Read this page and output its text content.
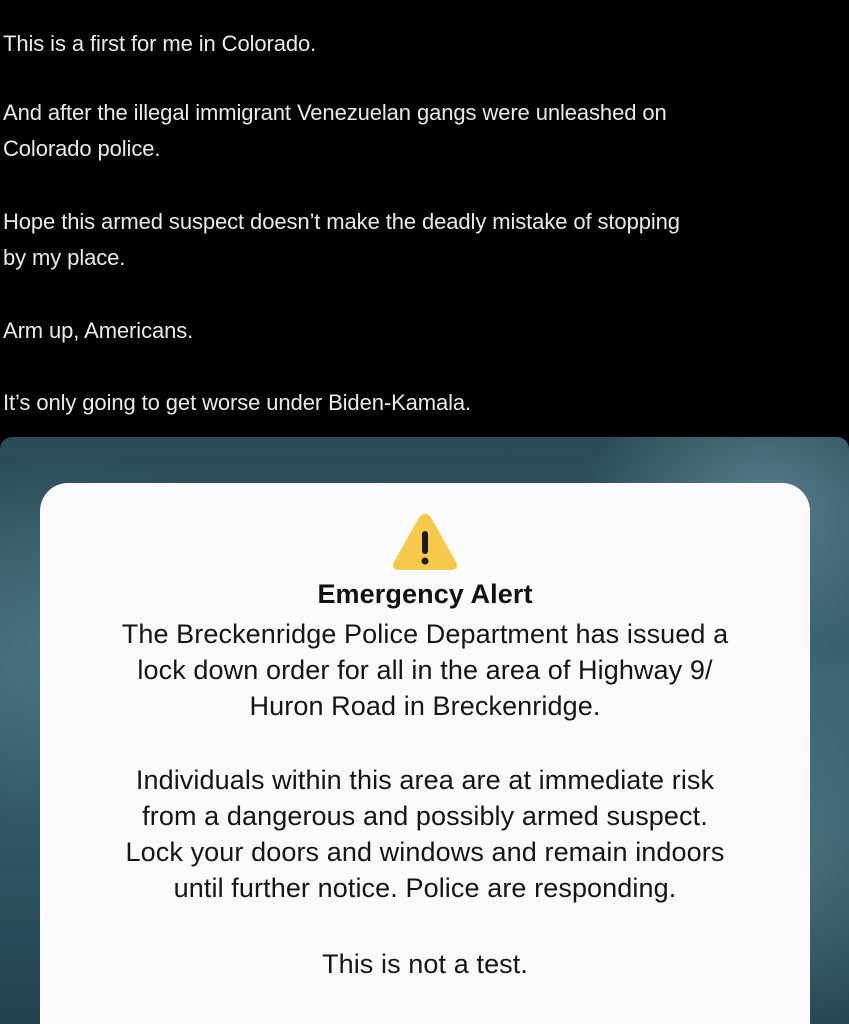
This is a first for me in Colorado.

And after the illegal immigrant Venezuelan gangs were unleashed on
Colorado police.

Hope this armed suspect doesn’t make the deadly mistake of stopping
by my place.

Arm up, Americans.

It’s only going to get worse under Biden-Kamala.

Emergency Alert
The Breckenridge Police Department has issued a
lock down order for all in the area of Highway 9/
Huron Road in Breckenridge.
Individuals within this area are at immediate risk
from a dangerous and possibly armed suspect.
Lock your doors and windows and remain indoors
until further notice. Police are responding.
This is not a test.
